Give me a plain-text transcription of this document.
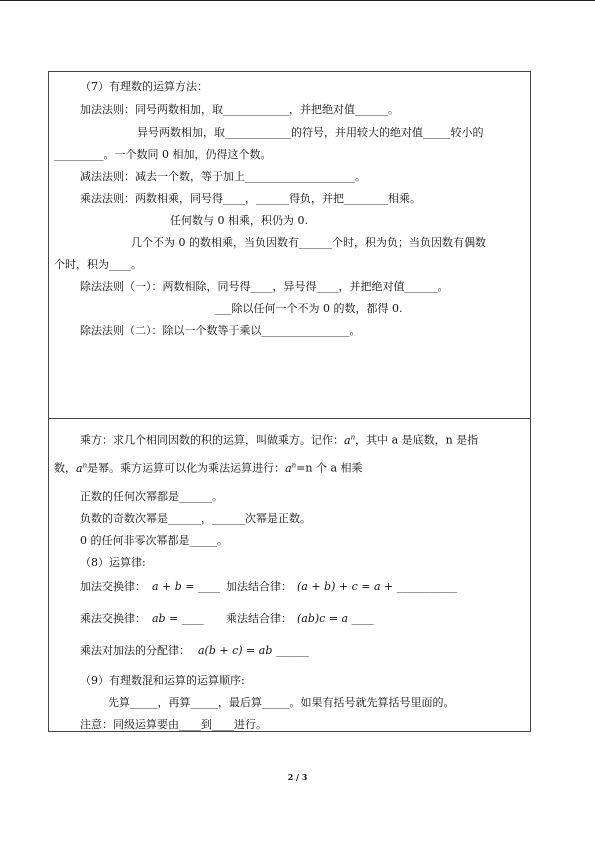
（7）有理数的运算方法：
加法法则：同号两数相加，取____________，并把绝对值______。
异号两数相加，取____________的符号，并用较大的绝对值_____较小的
_________。一个数同 0 相加，仍得这个数。
减法法则：减去一个数，等于加上____________________。
乘法法则：两数相乘，同号得____，______得负，并把________相乘。
任何数与 0 相乘，积仍为 0.
几个不为 0 的数相乘，当负因数有______个时，积为负；当负因数有偶数
个时，积为____。
除法法则（一）：两数相除，同号得____，异号得____，并把绝对值______。
___除以任何一个不为 0 的数，都得 0.
除法法则（二）：除以一个数等于乘以________________。
乘方：求几个相同因数的积的运算，叫做乘方。记作：$a^n$，其中 a 是底数，n 是指
数，$a^n$是幂。乘方运算可以化为乘法运算进行：$a^n=n$ 个 a 相乘
正数的任何次幂都是______。
负数的奇数次幂是______，______次幂是正数。
0 的任何非零次幂都是_____。
（8）运算律:
加法交换律： a + b = ____ 加法结合律： (a + b) + c = a + ___________
乘法交换律： ab = ____ 乘法结合律： (ab)c = a ____
乘法对加法的分配律： a(b + c) = ab ______
（9）有理数混和运算的运算顺序:
先算_____，再算_____，最后算_____。如果有括号就先算括号里面的。
注意：同级运算要由____到____进行。
2 / 3
